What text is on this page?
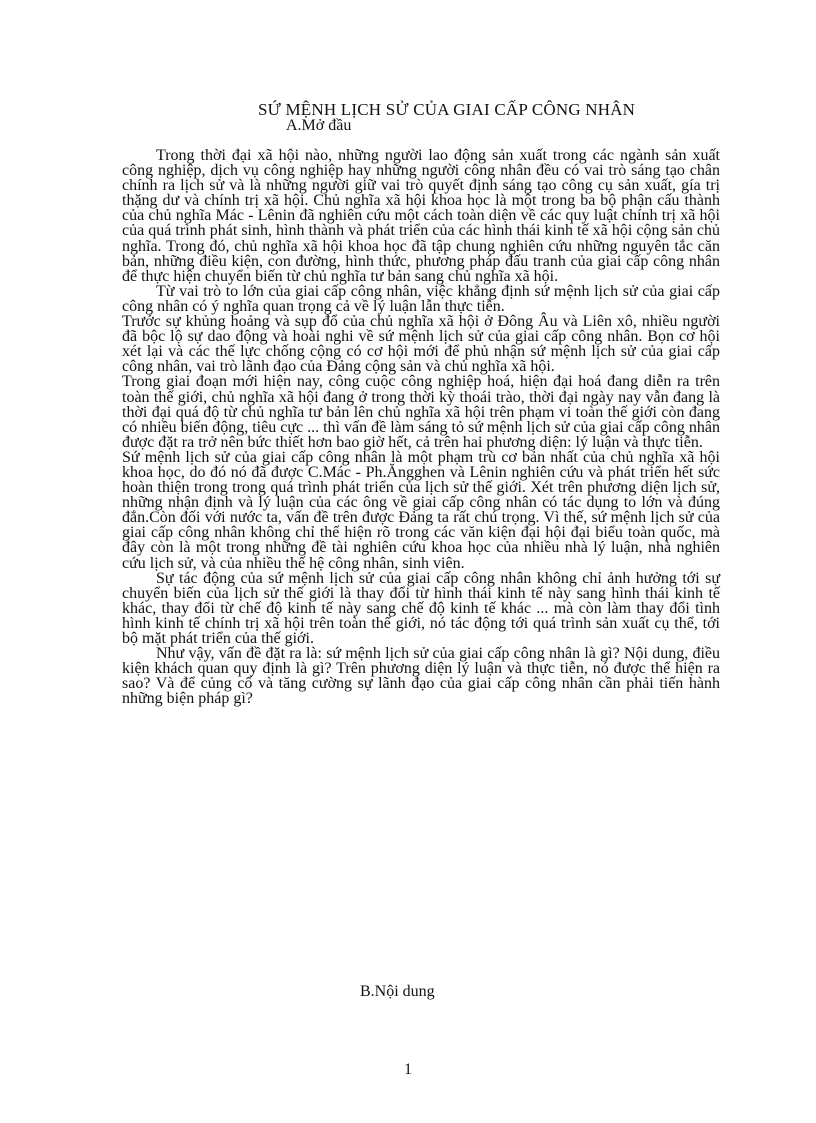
SỨ MỆNH LỊCH SỬ CỦA GIAI CẤP CÔNG NHÂN
A.Mở đầu

Trong thời đại xã hội nào, những người lao động sản xuất trong các ngành sản xuất công nghiệp, dịch vụ công nghiệp hay những người công nhân đều có vai trò sáng tạo chân chính ra lịch sử và là những người giữ vai trò quyết định sáng tạo công cụ sản xuất, gía trị thặng dư và chính trị xã hội. Chủ nghĩa xã hội khoa học là một trong ba bộ phận cấu thành của chủ nghĩa Mác - Lênin đã nghiên cứu một cách toàn diện về các quy luật chính trị xã hội của quá trình phát sinh, hình thành và phát triển của các hình thái kinh tế xã hội cộng sản chủ nghĩa. Trong đó, chủ nghĩa xã hội khoa học đã tập chung nghiên cứu những nguyên tắc căn bản, những điều kiện, con đường, hình thức, phương pháp đấu tranh của giai cấp công nhân để thực hiện chuyển biến từ chủ nghĩa tư bản sang chủ nghĩa xã hội.

Từ vai trò to lớn của giai cấp công nhân, việc khẳng định sứ mệnh lịch sử của giai cấp công nhân có ý nghĩa quan trọng cả về lý luận lẫn thực tiễn.

Trước sự khủng hoảng và sụp đổ của chủ nghĩa xã hội ở Đông Âu và Liên xô, nhiều người đã bộc lộ sự dao động và hoài nghi về sứ mệnh lịch sử của giai cấp công nhân. Bọn cơ hội xét lại và các thế lực chống cộng có cơ hội mới để phủ nhận sứ mệnh lịch sử của giai cấp công nhân, vai trò lãnh đạo của Đảng cộng sản và chủ nghĩa xã hội.

Trong giai đoạn mới hiện nay, công cuộc công nghiệp hoá, hiện đại hoá đang diễn ra trên toàn thế giới, chủ nghĩa xã hội đang ở trong thời kỳ thoái trào, thời đại ngày nay vẫn đang là thời đại quá độ từ chủ nghĩa tư bản lên chủ nghĩa xã hội trên phạm vi toàn thế giới còn đang có nhiều biến động, tiêu cực ... thì vấn đề làm sáng tỏ sứ mệnh lịch sử của giai cấp công nhân được đặt ra trở nên bức thiết hơn bao giờ hết, cả trên hai phương diện: lý luận và thực tiễn.

Sứ mệnh lịch sử của giai cấp công nhân là một phạm trù cơ bản nhất của chủ nghĩa xã hội khoa học, do đó nó đã được C.Mác - Ph.Ăngghen và Lênin nghiên cứu và phát triển hết sức hoàn thiện trong trong quá trình phát triển của lịch sử thế giới. Xét trên phương diện lịch sử, những nhận định và lý luận của các ông về giai cấp công nhân có tác dụng to lớn và đúng đắn.Còn đối với nước ta, vấn đề trên được Đảng ta rất chú trọng. Vì thế, sứ mệnh lịch sử của giai cấp công nhân không chỉ thể hiện rõ trong các văn kiện đại hội đại biểu toàn quốc, mà đây còn là một trong những đề tài nghiên cứu khoa học của nhiều nhà lý luận, nhà nghiên cứu lịch sử, và của nhiều thế hệ công nhân, sinh viên.

Sự tác động của sứ mệnh lịch sử của giai cấp công nhân không chỉ ảnh hưởng tới sự chuyển biến của lịch sử thế giới là thay đổi từ hình thái kinh tế này sang hình thái kinh tế khác, thay đổi từ chế độ kinh tế này sang chế độ kinh tế khác ... mà còn làm thay đổi tình hình kinh tế chính trị xã hội trên toàn thế giới, nó tác động tới quá trình sản xuất cụ thể, tới bộ mặt phát triển của thế giới.

Như vậy, vấn đề đặt ra là: sứ mệnh lịch sử của giai cấp công nhân là gì? Nội dung, điều kiện khách quan quy định là gì? Trên phương diện lý luận và thực tiễn, nó được thể hiện ra sao? Và để củng cố và tăng cường sự lãnh đạo của giai cấp công nhân cần phải tiến hành những biện pháp gì?

B.Nội dung
1
